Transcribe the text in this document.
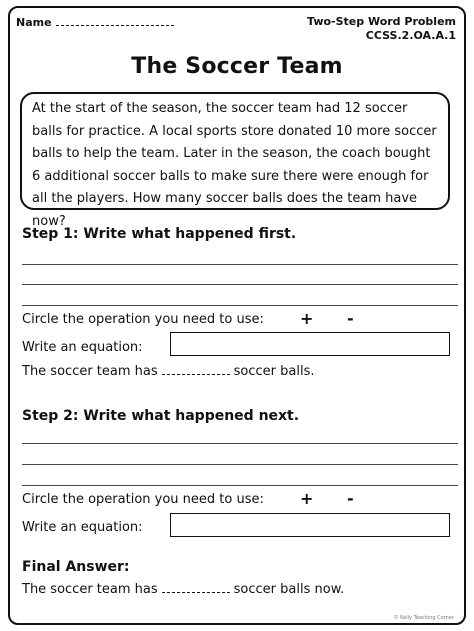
Name	Two-Step Word Problem
CCSS.2.OA.A.1
The Soccer Team
At the start of the season, the soccer team had 12 soccer balls for practice. A local sports store donated 10 more soccer balls to help the team. Later in the season, the coach bought 6 additional soccer balls to make sure there were enough for all the players. How many soccer balls does the team have now?
Step 1: Write what happened first.
Circle the operation you need to use: + -
Write an equation:
The soccer team has	soccer balls.
Step 2: Write what happened next.
Circle the operation you need to use: + -
Write an equation:
Final Answer:
The soccer team has	soccer balls now.
© Kelly Teaching Corner
